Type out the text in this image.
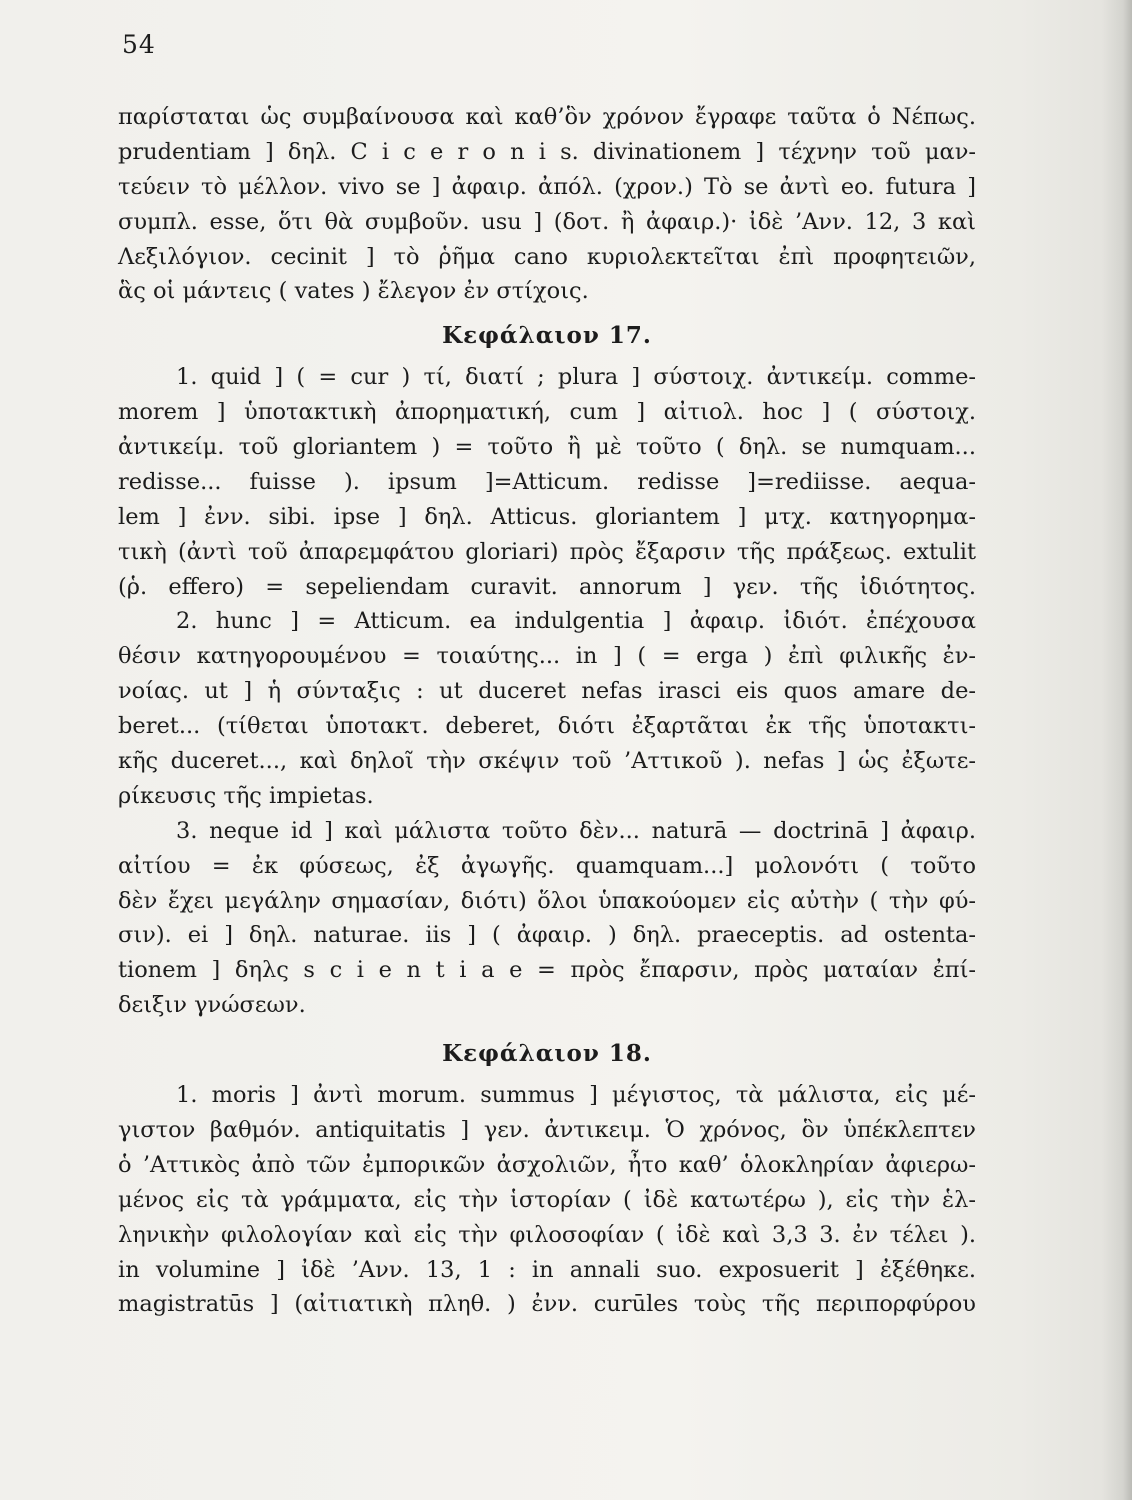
54
παρίσταται ὡς συμβαίνουσα καὶ καθ’ὃν χρόνον ἔγραφε ταῦτα ὁ Νέπως.
prudentiam ] δηλ. C i c e r o n i s. divinationem ] τέχνην τοῦ μαν-
τεύειν τὸ μέλλον. vivo se ] ἀφαιρ. ἀπόλ. (χρον.) Τὸ se ἀντὶ eo. futura ]
συμπλ. esse, ὅτι θὰ συμβοῦν. usu ] (δοτ. ἢ ἀφαιρ.)· ἰδὲ ’Ανν. 12, 3 καὶ
Λεξιλόγιον. cecinit ] τὸ ῥῆμα cano κυριολεκτεῖται ἐπὶ προφητειῶν,
ἃς οἱ μάντεις ( vates ) ἔλεγον ἐν στίχοις.
Κεφάλαιον 17.
1. quid ] ( = cur ) τί, διατί ; plura ] σύστοιχ. ἀντικείμ. comme-
morem ] ὑποτακτικὴ ἀπορηματική, cum ] αἰτιολ. hoc ] ( σύστοιχ.
ἀντικείμ. τοῦ gloriantem ) = τοῦτο ἢ μὲ τοῦτο ( δηλ. se numquam...
redisse... fuisse ). ipsum ]=Atticum. redisse ]=rediisse. aequa-
lem ] ἐνν. sibi. ipse ] δηλ. Atticus. gloriantem ] μτχ. κατηγορημα-
τικὴ (ἀντὶ τοῦ ἀπαρεμφάτου gloriari) πρὸς ἔξαρσιν τῆς πράξεως. extulit
(ῥ. effero) = sepeliendam curavit. annorum ] γεν. τῆς ἰδιότητος.
2. hunc ] = Atticum. ea indulgentia ] ἀφαιρ. ἰδιότ. ἐπέχουσα
θέσιν κατηγορουμένου = τοιαύτης... in ] ( = erga ) ἐπὶ φιλικῆς ἐν-
νοίας. ut ] ἡ σύνταξις : ut duceret nefas irasci eis quos amare de-
beret... (τίθεται ὑποτακτ. deberet, διότι ἐξαρτᾶται ἐκ τῆς ὑποτακτι-
κῆς duceret..., καὶ δηλοῖ τὴν σκέψιν τοῦ ’Αττικοῦ ). nefas ] ὡς ἐξωτε-
ρίκευσις τῆς impietas.
3. neque id ] καὶ μάλιστα τοῦτο δὲν... naturā — doctrinā ] ἀφαιρ.
αἰτίου = ἐκ φύσεως, ἐξ ἀγωγῆς. quamquam...] μολονότι ( τοῦτο
δὲν ἔχει μεγάλην σημασίαν, διότι) ὅλοι ὑπακούομεν εἰς αὐτὴν ( τὴν φύ-
σιν). ei ] δηλ. naturae. iis ] ( ἀφαιρ. ) δηλ. praeceptis. ad ostenta-
tionem ] δηλς s c i e n t i a e = πρὸς ἔπαρσιν, πρὸς ματαίαν ἐπί-
δειξιν γνώσεων.
Κεφάλαιον 18.
1. moris ] ἀντὶ morum. summus ] μέγιστος, τὰ μάλιστα, εἰς μέ-
γιστον βαθμόν. antiquitatis ] γεν. ἀντικειμ. Ὁ χρόνος, ὃν ὑπέκλεπτεν
ὁ ’Αττικὸς ἀπὸ τῶν ἐμπορικῶν ἀσχολιῶν, ἦτο καθ’ ὁλοκληρίαν ἀφιερω-
μένος εἰς τὰ γράμματα, εἰς τὴν ἱστορίαν ( ἰδὲ κατωτέρω ), εἰς τὴν ἑλ-
ληνικὴν φιλολογίαν καὶ εἰς τὴν φιλοσοφίαν ( ἰδὲ καὶ 3,3 3. ἐν τέλει ).
in volumine ] ἰδὲ ’Ανν. 13, 1 : in annali suo. exposuerit ] ἐξέθηκε.
magistratūs ] (αἰτιατικὴ πληθ. ) ἐνν. curūles τοὺς τῆς περιπορφύρου
